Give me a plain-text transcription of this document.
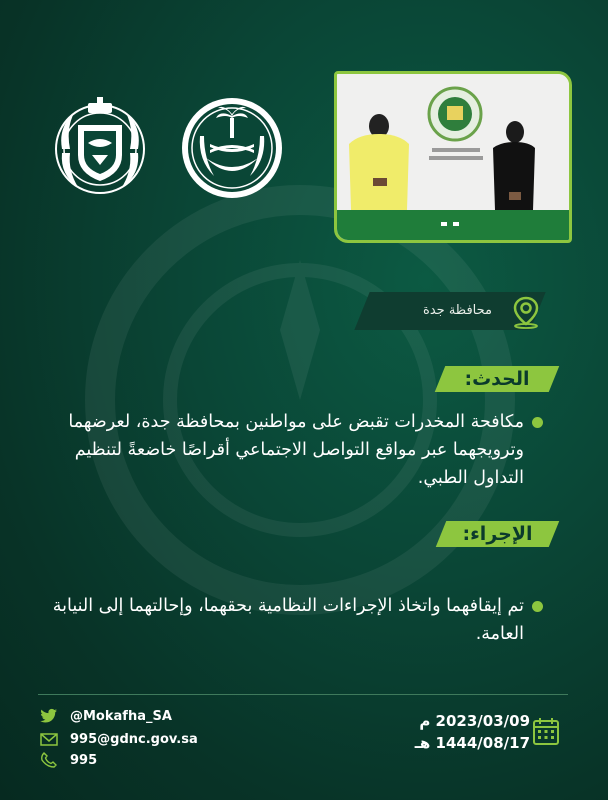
محافظة جدة
الحدث:
مكافحة المخدرات تقبض على مواطنين بمحافظة جدة، لعرضهما وترويجهما عبر مواقع التواصل الاجتماعي أقراصًا خاضعةً لتنظيم التداول الطبي.
الإجراء:
تم إيقافهما واتخاذ الإجراءات النظامية بحقهما، وإحالتهما إلى النيابة العامة.
@Mokafha_SA
995@gdnc.gov.sa
995
2023/03/09 م
1444/08/17 هـ
